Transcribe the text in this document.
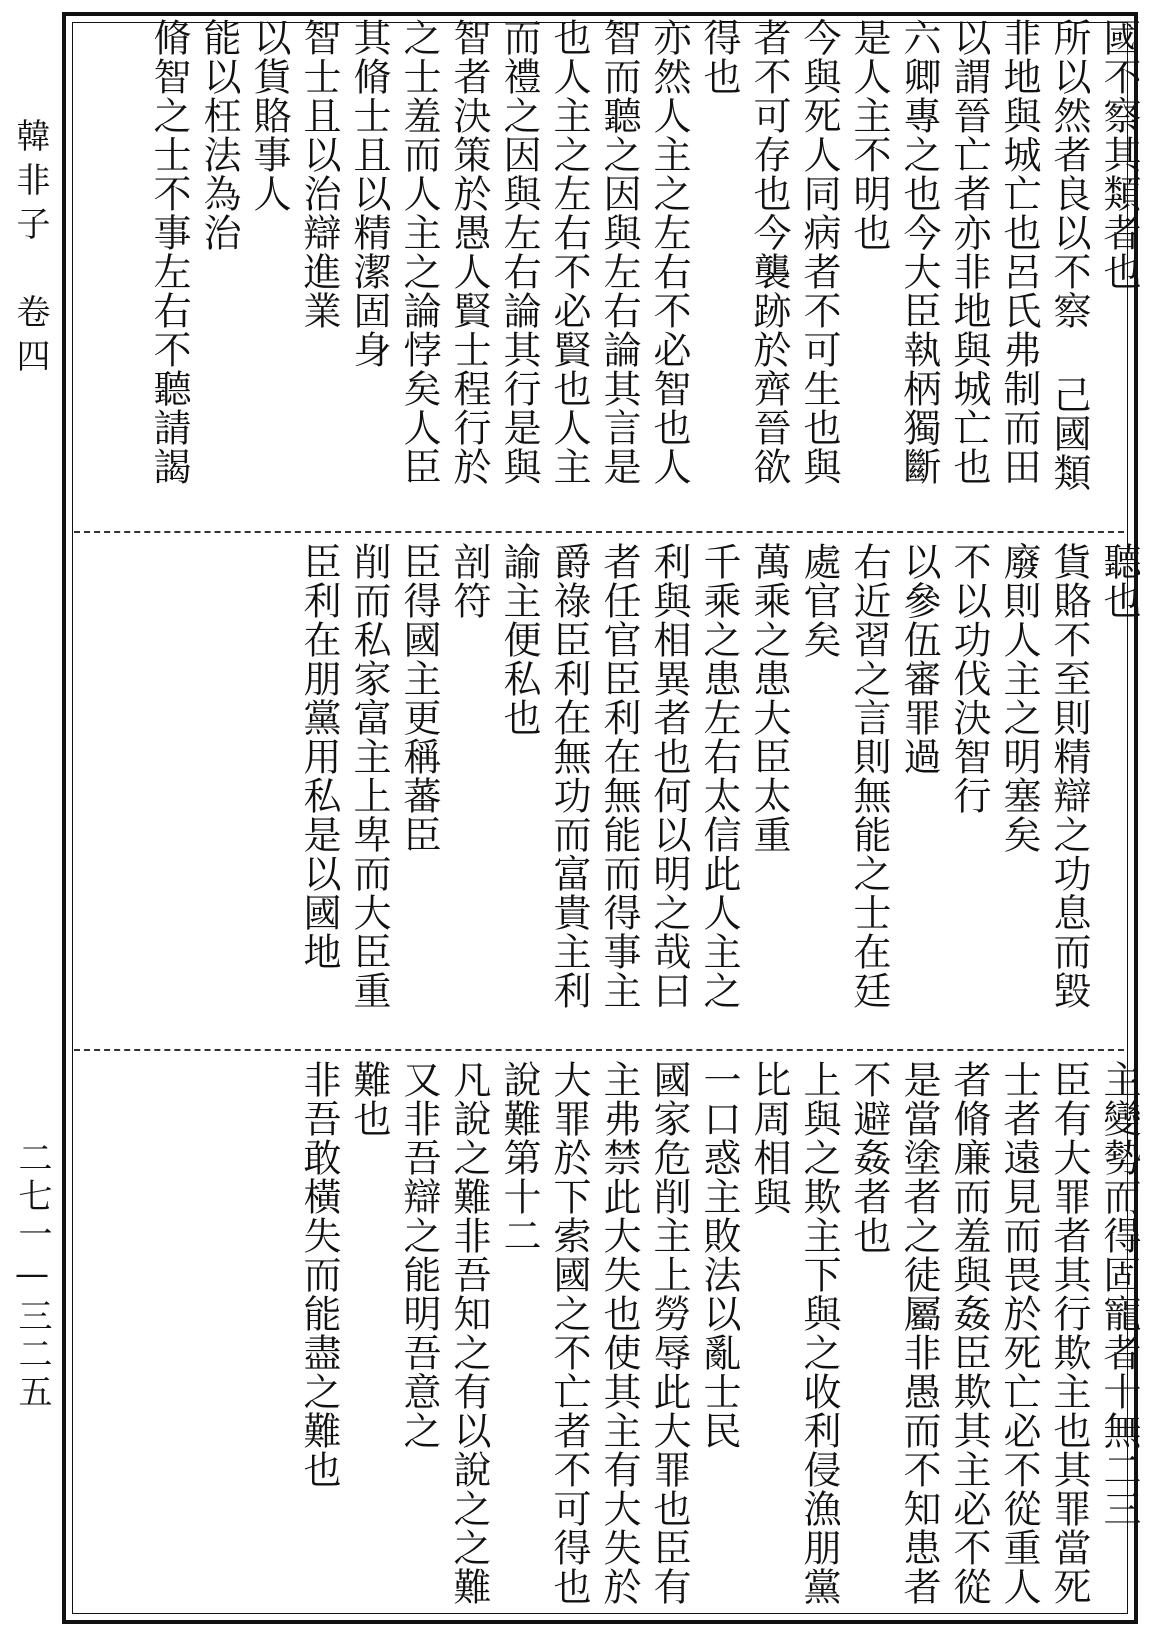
韓非子　卷四
二七一—三二五
國不察其類者也
所以然者良以不察 己國類
非地與城亡也呂氏弗制而田
以謂晉亡者亦非地與城亡也
六卿專之也今大臣執柄獨斷
是人主不明也
今與死人同病者不可生也與
者不可存也今襲跡於齊晉欲
得也
亦然人主之左右不必智也人
智而聽之因與左右論其言是
也人主之左右不必賢也人主
而禮之因與左右論其行是與
智者決策於愚人賢士程行於
之士羞而人主之論悖矣人臣
其脩士且以精潔固身
智士且以治辯進業
以貨賂事人
能以枉法為治
脩智之士不事左右不聽請謁
聽也
貨賂不至則精辯之功息而毀
廢則人主之明塞矣
不以功伐決智行
以參伍審罪過
右近習之言則無能之士在廷
處官矣
萬乘之患大臣太重
千乘之患左右太信此人主之
利與相異者也何以明之哉曰
者任官臣利在無能而得事主
爵祿臣利在無功而富貴主利
諭主便私也
剖符
臣得國主更稱蕃臣
削而私家富主上卑而大臣重
臣利在朋黨用私是以國地
主變勢而得固寵者十無二三
臣有大罪者其行欺主也其罪當死
士者遠見而畏於死亡必不從重人
者脩廉而羞與姦臣欺其主必不從
是當塗者之徒屬非愚而不知患者
不避姦者也
上與之欺主下與之收利侵漁朋黨
比周相與
一口惑主敗法以亂士民
國家危削主上勞辱此大罪也臣有
主弗禁此大失也使其主有大失於
大罪於下索國之不亡者不可得也
說難第十二
凡說之難非吾知之有以說之之難
又非吾辯之能明吾意之
難也
非吾敢橫失而能盡之難也
